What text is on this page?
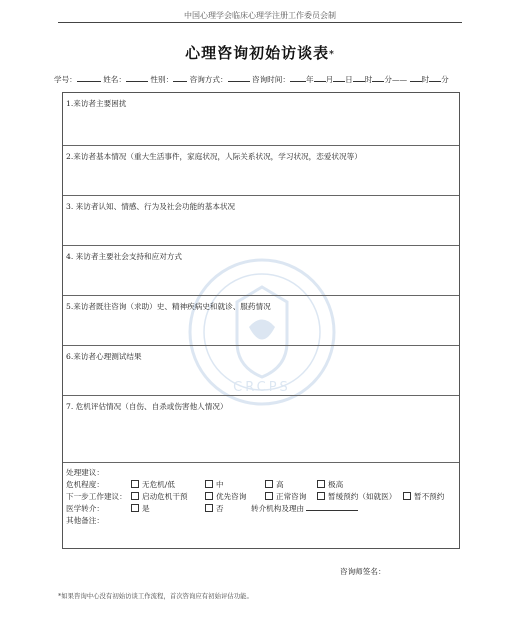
中国心理学会临床心理学注册工作委员会制
心理咨询初始访谈表*
学号：	姓名：	性别： 咨询方式：	咨询时间： 年 月 日 时 分—— 时 分
CRCPS
1.来访者主要困扰
2.来访者基本情况（重大生活事件，家庭状况，人际关系状况，学习状况，恋爱状况等）
3. 来访者认知、情感、行为及社会功能的基本状况
4. 来访者主要社会支持和应对方式
5.来访者既往咨询（求助）史、精神疾病史和就诊、服药情况
6.来访者心理测试结果
7. 危机评估情况（自伤、自杀或伤害他人情况）
处理建议：
危机程度：	无危机/低	中	高	极高
下一步工作建议：	启动危机干预	优先咨询	正常咨询	暂缓预约（如就医）	暂不预约
医学转介：	是	否	转介机构及理由
其他备注：
咨询师签名：
*如果咨询中心没有初始访谈工作流程，首次咨询应有初始评估功能。
